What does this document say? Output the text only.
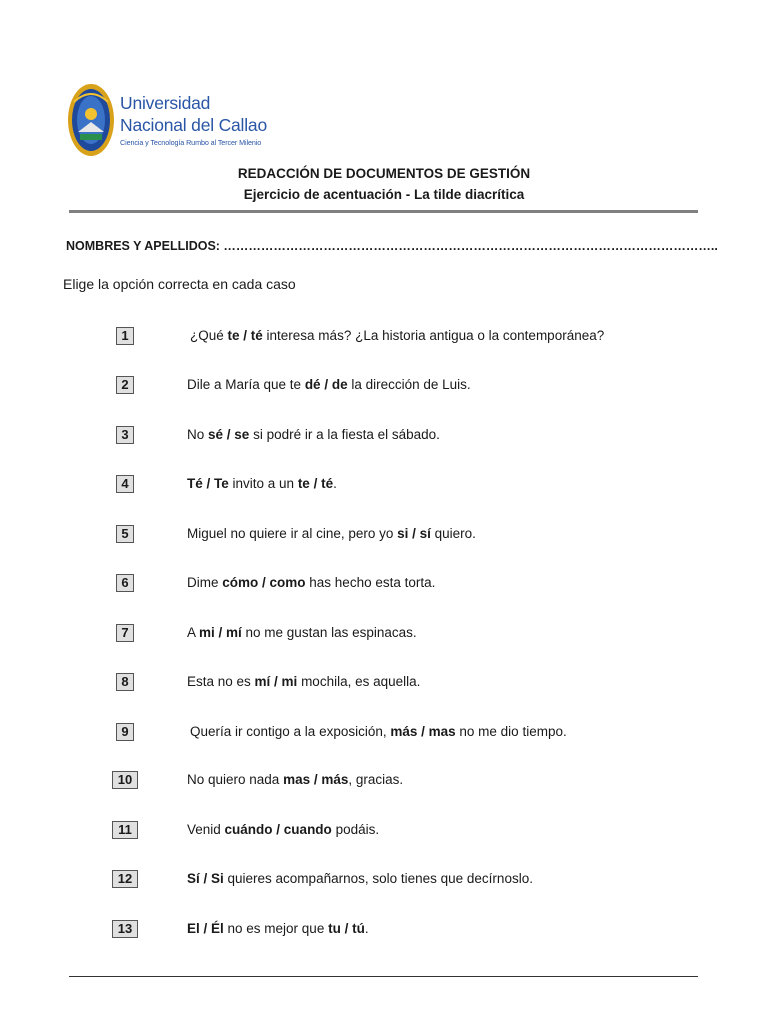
Universidad
Nacional del Callao
Ciencia y Tecnología Rumbo al Tercer Milenio
REDACCIÓN DE DOCUMENTOS DE GESTIÓN
Ejercicio de acentuación - La tilde diacrítica
NOMBRES Y APELLIDOS: ………………………………………………………………………………………………………..
Elige la opción correcta en cada caso
1	¿Qué te / té interesa más? ¿La historia antigua o la contemporánea?
2	Dile a María que te dé / de la dirección de Luis.
3	No sé / se si podré ir a la fiesta el sábado.
4	Té / Te invito a un te / té.
5	Miguel no quiere ir al cine, pero yo si / sí quiero.
6	Dime cómo / como has hecho esta torta.
7	A mi / mí no me gustan las espinacas.
8	Esta no es mí / mi mochila, es aquella.
9	Quería ir contigo a la exposición, más / mas no me dio tiempo.
10	No quiero nada mas / más, gracias.
11	Venid cuándo / cuando podáis.
12	Sí / Si quieres acompañarnos, solo tienes que decírnoslo.
13	El / Él no es mejor que tu / tú.
